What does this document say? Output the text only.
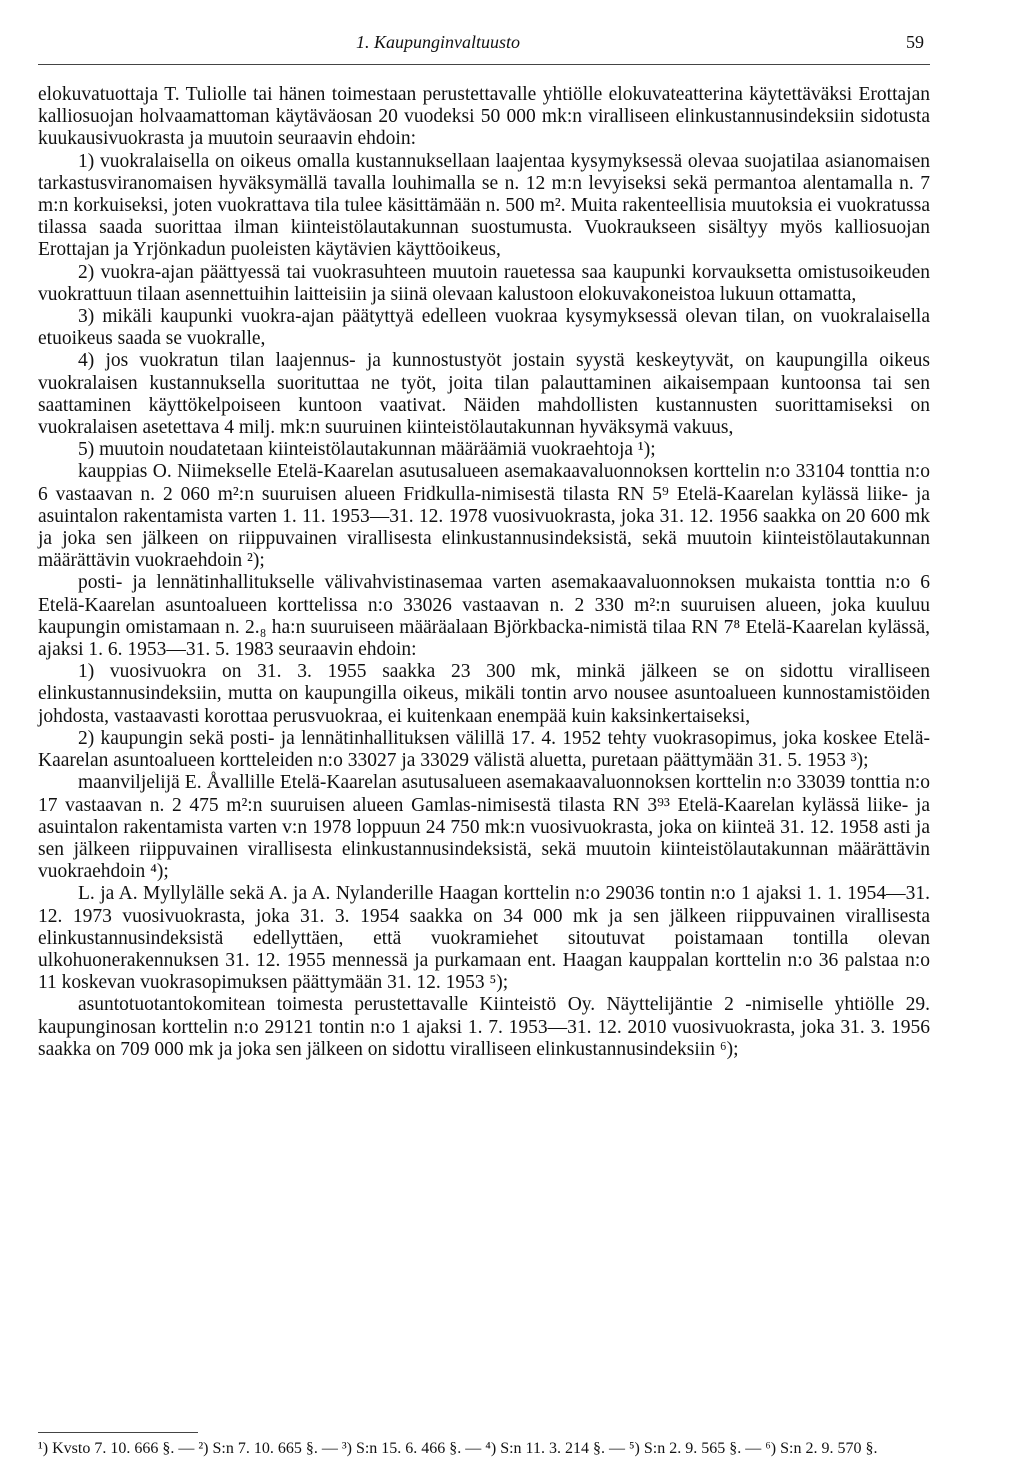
1. Kaupunginvaltuusto	59

elokuvatuottaja T. Tuliolle tai hänen toimestaan perustettavalle yhtiölle elokuvateatterina käytettäväksi Erottajan kalliosuojan holvaamattoman käytäväosan 20 vuodeksi 50 000 mk:n viralliseen elinkustannusindeksiin sidotusta kuukausivuokrasta ja muutoin seuraavin ehdoin:

1) vuokralaisella on oikeus omalla kustannuksellaan laajentaa kysymyksessä olevaa suojatilaa asianomaisen tarkastusviranomaisen hyväksymällä tavalla louhimalla se n. 12 m:n levyiseksi sekä permantoa alentamalla n. 7 m:n korkuiseksi, joten vuokrattava tila tulee käsittämään n. 500 m². Muita rakenteellisia muutoksia ei vuokratussa tilassa saada suorittaa ilman kiinteistölautakunnan suostumusta. Vuokraukseen sisältyy myös kalliosuojan Erottajan ja Yrjönkadun puoleisten käytävien käyttöoikeus,

2) vuokra-ajan päättyessä tai vuokrasuhteen muutoin rauetessa saa kaupunki korvauksetta omistusoikeuden vuokrattuun tilaan asennettuihin laitteisiin ja siinä olevaan kalustoon elokuvakoneistoa lukuun ottamatta,

3) mikäli kaupunki vuokra-ajan päätyttyä edelleen vuokraa kysymyksessä olevan tilan, on vuokralaisella etuoikeus saada se vuokralle,

4) jos vuokratun tilan laajennus- ja kunnostustyöt jostain syystä keskeytyvät, on kaupungilla oikeus vuokralaisen kustannuksella suorituttaa ne työt, joita tilan palauttaminen aikaisempaan kuntoonsa tai sen saattaminen käyttökelpoiseen kuntoon vaativat. Näiden mahdollisten kustannusten suorittamiseksi on vuokralaisen asetettava 4 milj. mk:n suuruinen kiinteistölautakunnan hyväksymä vakuus,

5) muutoin noudatetaan kiinteistölautakunnan määräämiä vuokraehtoja ¹);

kauppias O. Niimekselle Etelä-Kaarelan asutusalueen asemakaavaluonnoksen korttelin n:o 33104 tonttia n:o 6 vastaavan n. 2 060 m²:n suuruisen alueen Fridkulla-nimisestä tilasta RN 5⁹ Etelä-Kaarelan kylässä liike- ja asuintalon rakentamista varten 1. 11. 1953—31. 12. 1978 vuosivuokrasta, joka 31. 12. 1956 saakka on 20 600 mk ja joka sen jälkeen on riippuvainen virallisesta elinkustannusindeksistä, sekä muutoin kiinteistölautakunnan määrättävin vuokraehdoin ²);

posti- ja lennätinhallitukselle välivahvistinasemaa varten asemakaavaluonnoksen mukaista tonttia n:o 6 Etelä-Kaarelan asuntoalueen korttelissa n:o 33026 vastaavan n. 2 330 m²:n suuruisen alueen, joka kuuluu kaupungin omistamaan n. 2.₈ ha:n suuruiseen määräalaan Björkbacka-nimistä tilaa RN 7⁸ Etelä-Kaarelan kylässä, ajaksi 1. 6. 1953—31. 5. 1983 seuraavin ehdoin:

1) vuosivuokra on 31. 3. 1955 saakka 23 300 mk, minkä jälkeen se on sidottu viralliseen elinkustannusindeksiin, mutta on kaupungilla oikeus, mikäli tontin arvo nousee asuntoalueen kunnostamistöiden johdosta, vastaavasti korottaa perusvuokraa, ei kuitenkaan enempää kuin kaksinkertaiseksi,

2) kaupungin sekä posti- ja lennätinhallituksen välillä 17. 4. 1952 tehty vuokrasopimus, joka koskee Etelä-Kaarelan asuntoalueen kortteleiden n:o 33027 ja 33029 välistä aluetta, puretaan päättymään 31. 5. 1953 ³);

maanviljelijä E. Åvallille Etelä-Kaarelan asutusalueen asemakaavaluonnoksen korttelin n:o 33039 tonttia n:o 17 vastaavan n. 2 475 m²:n suuruisen alueen Gamlas-nimisestä tilasta RN 3⁹³ Etelä-Kaarelan kylässä liike- ja asuintalon rakentamista varten v:n 1978 loppuun 24 750 mk:n vuosivuokrasta, joka on kiinteä 31. 12. 1958 asti ja sen jälkeen riippuvainen virallisesta elinkustannusindeksistä, sekä muutoin kiinteistölautakunnan määrättävin vuokraehdoin ⁴);

L. ja A. Myllylälle sekä A. ja A. Nylanderille Haagan korttelin n:o 29036 tontin n:o 1 ajaksi 1. 1. 1954—31. 12. 1973 vuosivuokrasta, joka 31. 3. 1954 saakka on 34 000 mk ja sen jälkeen riippuvainen virallisesta elinkustannusindeksistä edellyttäen, että vuokramiehet sitoutuvat poistamaan tontilla olevan ulkohuonerakennuksen 31. 12. 1955 mennessä ja purkamaan ent. Haagan kauppalan korttelin n:o 36 palstaa n:o 11 koskevan vuokrasopimuksen päättymään 31. 12. 1953 ⁵);

asuntotuotantokomitean toimesta perustettavalle Kiinteistö Oy. Näyttelijäntie 2 -nimiselle yhtiölle 29. kaupunginosan korttelin n:o 29121 tontin n:o 1 ajaksi 1. 7. 1953—31. 12. 2010 vuosivuokrasta, joka 31. 3. 1956 saakka on 709 000 mk ja joka sen jälkeen on sidottu viralliseen elinkustannusindeksiin ⁶);

¹) Kvsto 7. 10. 666 §. — ²) S:n 7. 10. 665 §. — ³) S:n 15. 6. 466 §. — ⁴) S:n 11. 3. 214 §. — ⁵) S:n 2. 9. 565 §. — ⁶) S:n 2. 9. 570 §.
